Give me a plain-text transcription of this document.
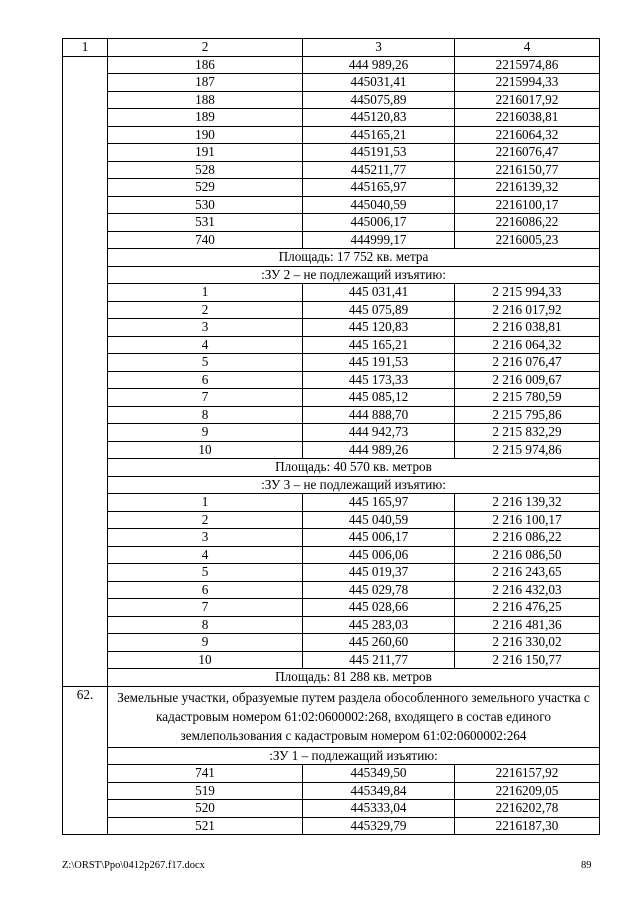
1	2	3	4
	186	444 989,26	2215974,86
	187	445031,41	2215994,33
	188	445075,89	2216017,92
	189	445120,83	2216038,81
	190	445165,21	2216064,32
	191	445191,53	2216076,47
	528	445211,77	2216150,77
	529	445165,97	2216139,32
	530	445040,59	2216100,17
	531	445006,17	2216086,22
	740	444999,17	2216005,23
	Площадь: 17 752 кв. метра		
	:ЗУ 2 – не подлежащий изъятию:		
	1	445 031,41	2 215 994,33
	2	445 075,89	2 216 017,92
	3	445 120,83	2 216 038,81
	4	445 165,21	2 216 064,32
	5	445 191,53	2 216 076,47
	6	445 173,33	2 216 009,67
	7	445 085,12	2 215 780,59
	8	444 888,70	2 215 795,86
	9	444 942,73	2 215 832,29
	10	444 989,26	2 215 974,86
	Площадь: 40 570 кв. метров		
	:ЗУ 3 – не подлежащий изъятию:		
	1	445 165,97	2 216 139,32
	2	445 040,59	2 216 100,17
	3	445 006,17	2 216 086,22
	4	445 006,06	2 216 086,50
	5	445 019,37	2 216 243,65
	6	445 029,78	2 216 432,03
	7	445 028,66	2 216 476,25
	8	445 283,03	2 216 481,36
	9	445 260,60	2 216 330,02
	10	445 211,77	2 216 150,77
	Площадь: 81 288 кв. метров		
62.	Земельные участки, образуемые путем раздела обособленного земельного участка с кадастровым номером 61:02:0600002:268, входящего в состав единого землепользования с кадастровым номером 61:02:0600002:264		
	:ЗУ 1 – подлежащий изъятию:		
	741	445349,50	2216157,92
	519	445349,84	2216209,05
	520	445333,04	2216202,78
	521	445329,79	2216187,30
Z:\ORST\Ppo\0412p267.f17.docx	89
